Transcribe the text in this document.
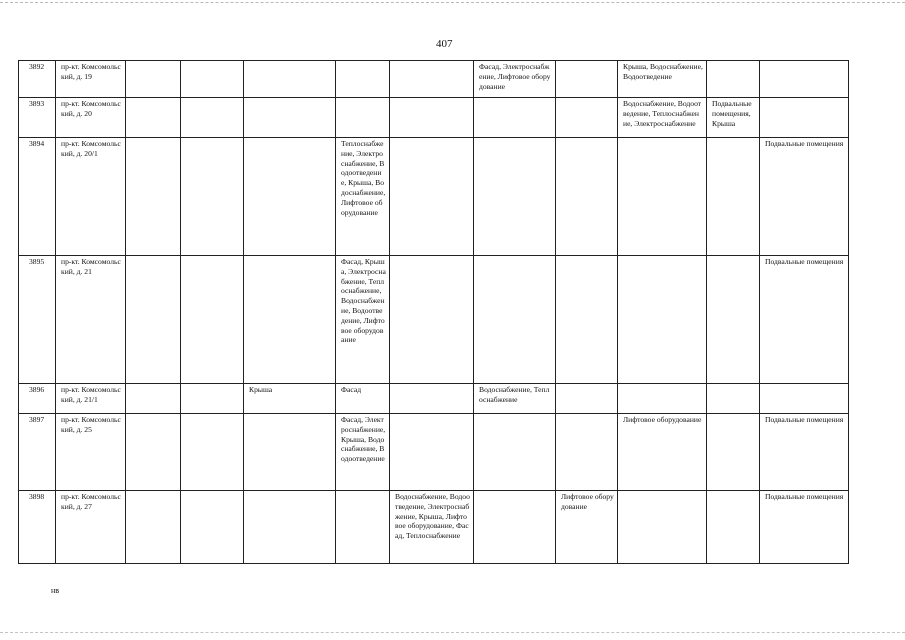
407
3892	пр-кт. Комсомольский, д. 19						Фасад, Электроснабжение, Лифтовое оборудование		Крыша, Водоснабжение, Водоотведение		
3893	пр-кт. Комсомольский, д. 20								Водоснабжение, Водоотведение, Теплоснабжение, Электроснабжение	Подвальные помещения, Крыша	
3894	пр-кт. Комсомольский, д. 20/1				Теплоснабжение, Электроснабжение, Водоотведение, Крыша, Водоснабжение, Лифтовое оборудование						Подвальные помещения
3895	пр-кт. Комсомольский, д. 21				Фасад, Крыша, Электроснабжение, Теплоснабжение, Водоснабжение, Водоотведение, Лифтовое оборудование						Подвальные помещения
3896	пр-кт. Комсомольский, д. 21/1			Крыша	Фасад		Водоснабжение, Теплоснабжение				
3897	пр-кт. Комсомольский, д. 25				Фасад, Электроснабжение, Крыша, Водоснабжение, Водоотведение				Лифтовое оборудование		Подвальные помещения
3898	пр-кт. Комсомольский, д. 27					Водоснабжение, Водоотведение, Электроснабжение, Крыша, Лифтовое оборудование, Фасад, Теплоснабжение		Лифтовое оборудование			Подвальные помещения
нв
